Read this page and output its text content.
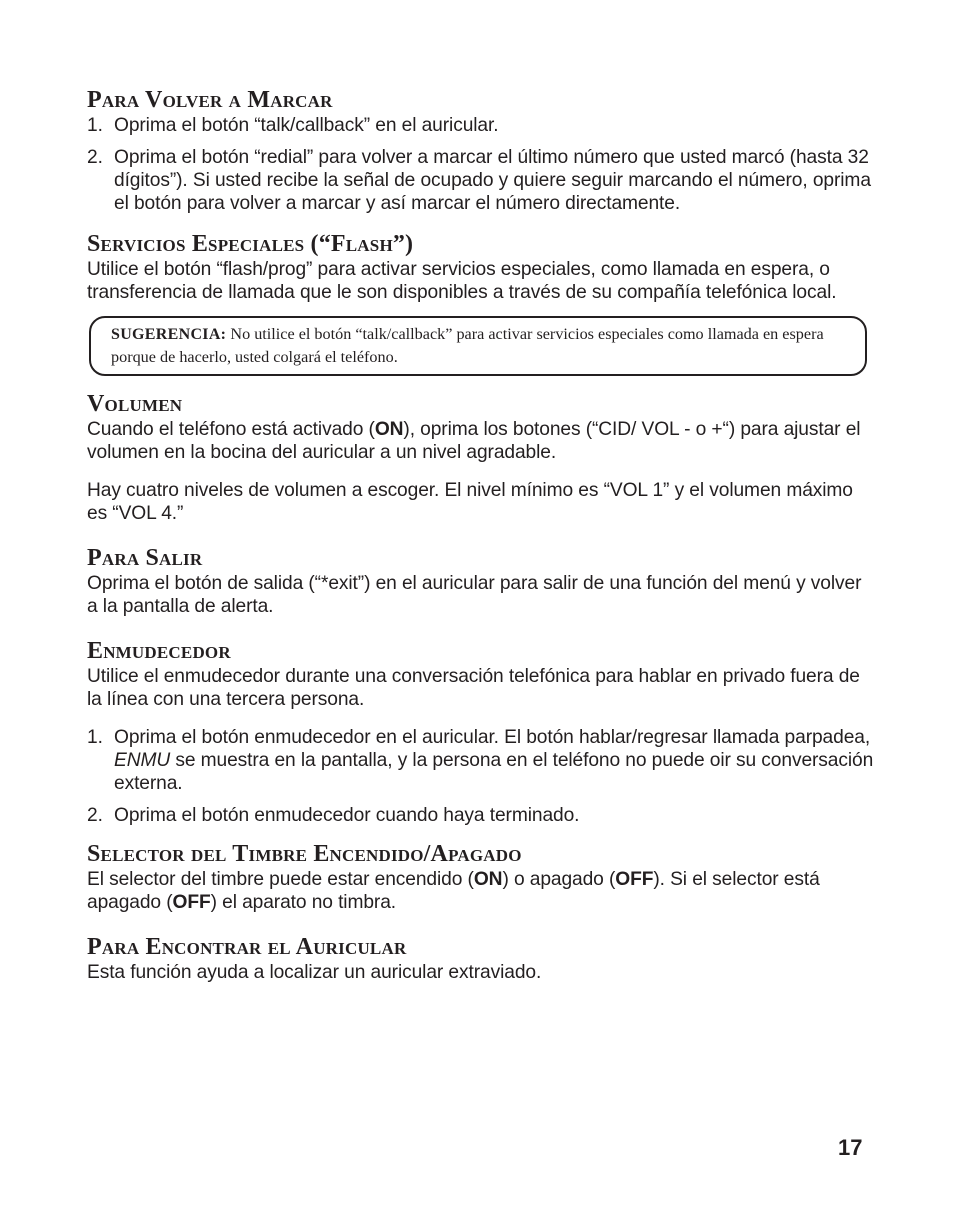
Para Volver a Marcar
1. Oprima el botón “talk/callback” en el auricular.
2. Oprima el botón “redial” para volver a marcar el último número que usted marcó (hasta 32 dígitos”). Si usted recibe la señal de ocupado y quiere seguir marcando el número, oprima el botón para volver a marcar y así marcar el número directamente.
Servicios Especiales (“Flash”)

Utilice el botón “flash/prog” para activar servicios especiales, como llamada en espera, o transferencia de llamada que le son disponibles a través de su compañía telefónica local.

SUGERENCIA: No utilice el botón “talk/callback” para activar servicios especiales como llamada en espera porque de hacerlo, usted colgará el teléfono.
Volumen

Cuando el teléfono está activado (ON), oprima los botones (“CID/ VOL - o +“) para ajustar el volumen en la bocina del auricular a un nivel agradable.

Hay cuatro niveles de volumen a escoger. El nivel mínimo es “VOL 1” y el volumen máximo es “VOL 4.”

Para Salir

Oprima el botón de salida (“*exit”) en el auricular para salir de una función del menú y volver a la pantalla de alerta.

Enmudecedor

Utilice el enmudecedor durante una conversación telefónica para hablar en privado fuera de la línea con una tercera persona.

1. Oprima el botón enmudecedor en el auricular. El botón hablar/regresar llamada parpadea, ENMU se muestra en la pantalla, y la persona en el teléfono no puede oir su conversación externa.
2. Oprima el botón enmudecedor cuando haya terminado.
Selector del Timbre Encendido/Apagado

El selector del timbre puede estar encendido (ON) o apagado (OFF). Si el selector está apagado (OFF) el aparato no timbra.

Para Encontrar el Auricular

Esta función ayuda a localizar un auricular extraviado.

17
